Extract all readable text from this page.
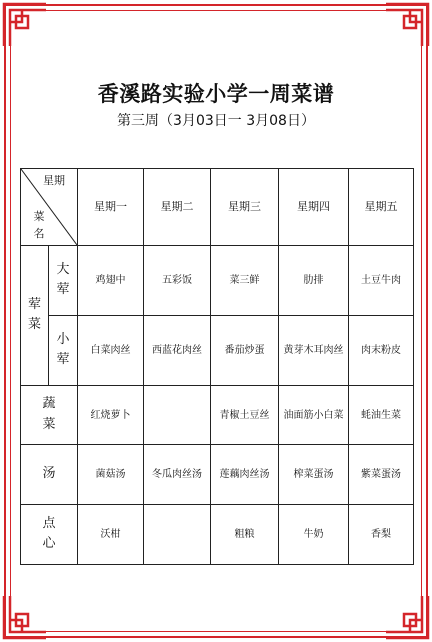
香溪路实验小学一周菜谱
第三周（3月03日一 3月08日）
星期
菜名		星期一	星期二	星期三	星期四	星期五
荤菜	大荤	鸡翅中	五彩饭	菜三鲜	肋排	土豆牛肉
	小荤	白菜肉丝	西蓝花肉丝	番茄炒蛋	黄芽木耳肉丝	肉末粉皮
蔬菜		红烧萝卜		青椒土豆丝	油面筋小白菜	蚝油生菜
汤		菌菇汤	冬瓜肉丝汤	莲藕肉丝汤	榨菜蛋汤	紫菜蛋汤
点心		沃柑		粗粮	牛奶	香梨
